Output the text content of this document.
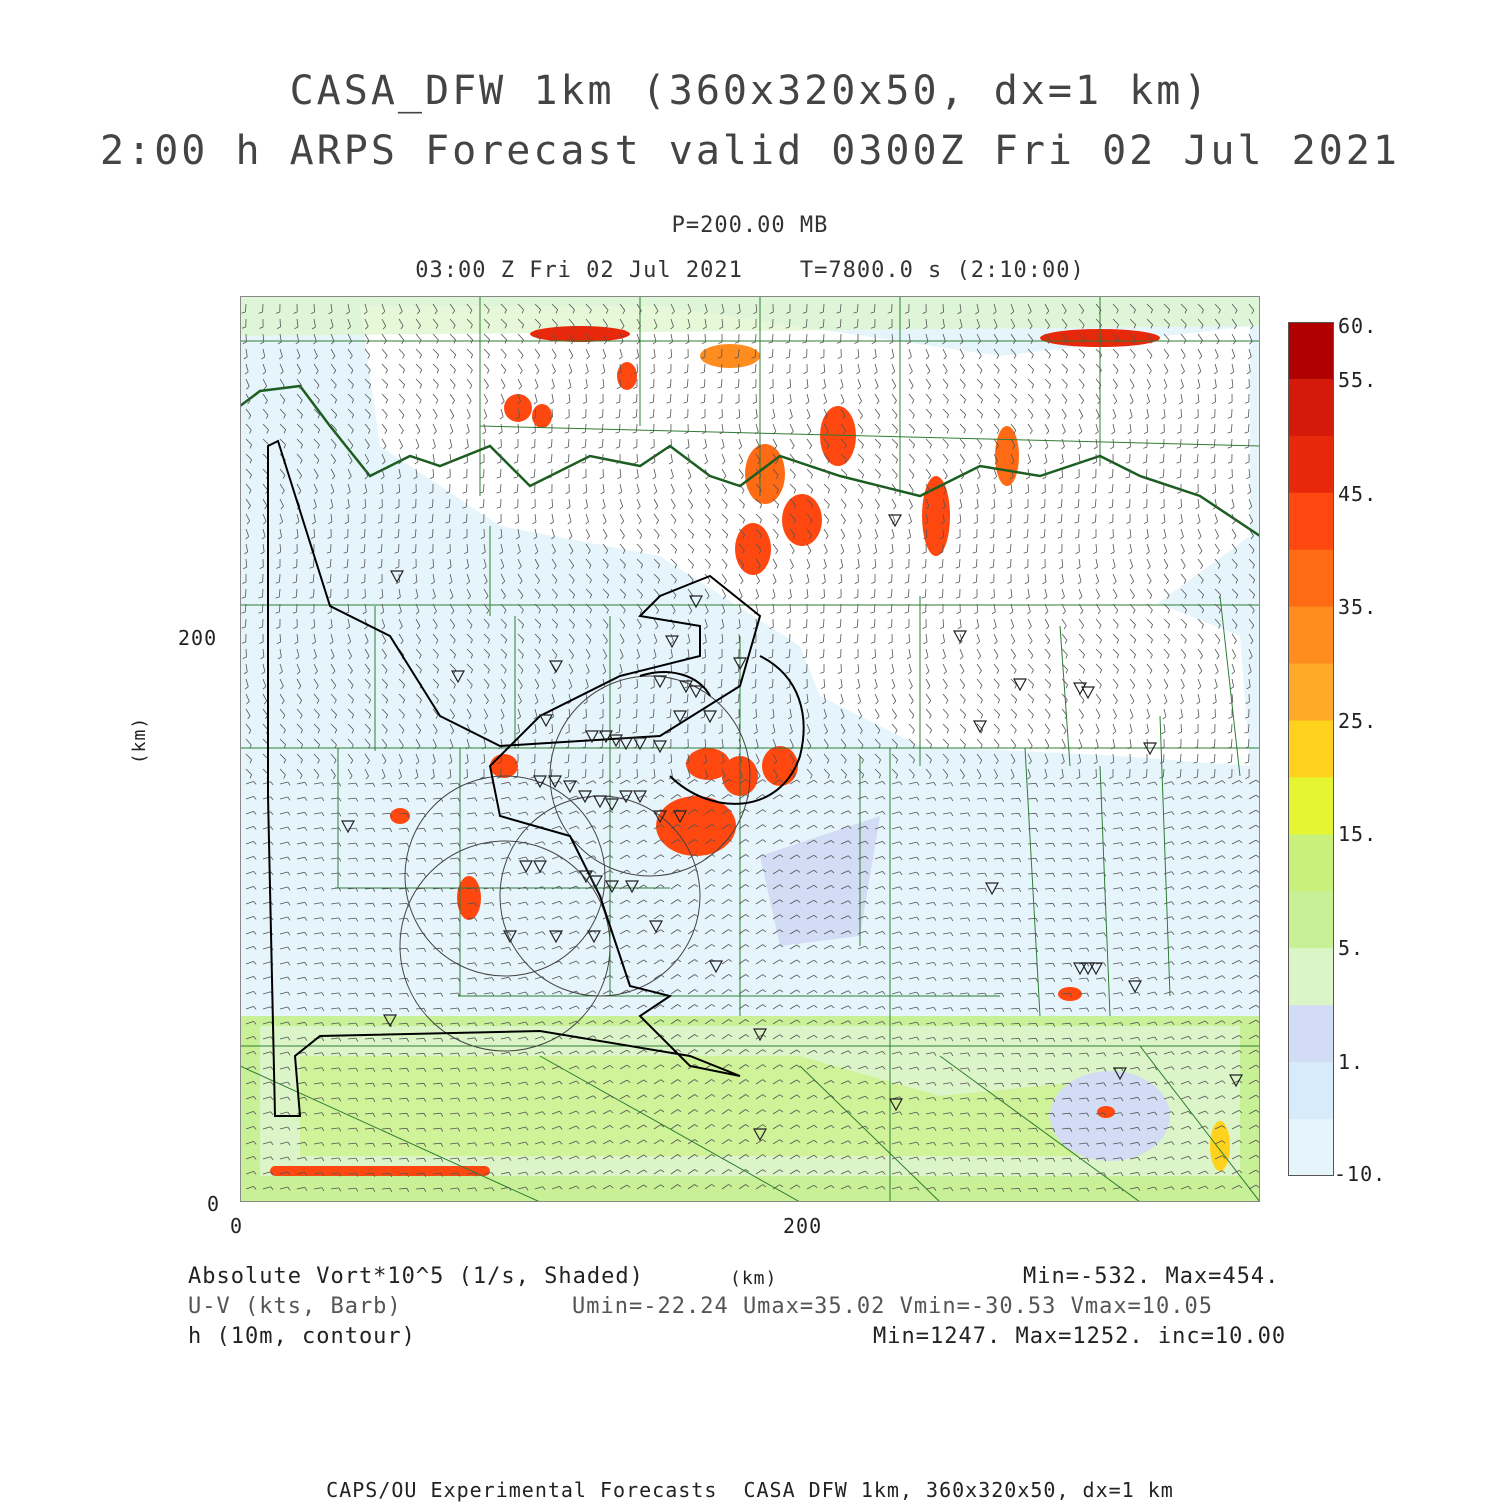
CASA_DFW 1km (360x320x50, dx=1 km)
2:00 h ARPS Forecast valid 0300Z Fri 02 Jul 2021
P=200.00 MB
03:00 Z Fri 02 Jul 2021    T=7800.0 s (2:10:00)
(km)
200
0
0	200
60.
55.
45.
35.
25.
15.
5.
1.
-10.
Absolute Vort*10^5 (1/s, Shaded)	(km)	Min=-532. Max=454.
U-V (kts, Barb)	Umin=-22.24 Umax=35.02 Vmin=-30.53 Vmax=10.05
h (10m, contour)	Min=1247. Max=1252. inc=10.00
CAPS/OU Experimental Forecasts  CASA DFW 1km, 360x320x50, dx=1 km
